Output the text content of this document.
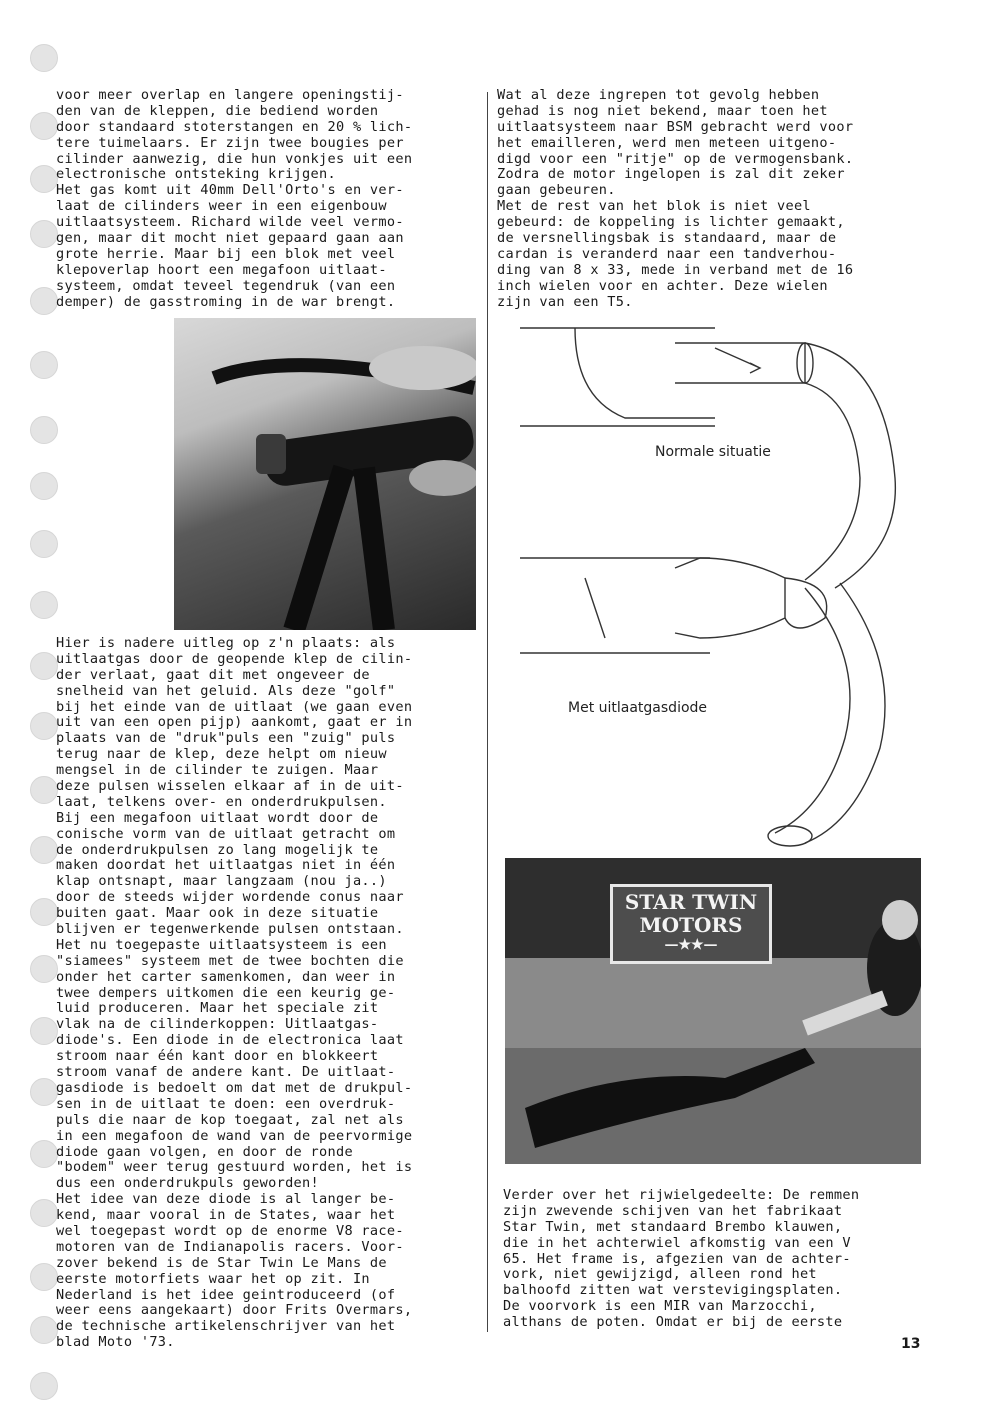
voor meer overlap en langere openingstij-
den van de kleppen, die bediend worden
door standaard stoterstangen en 20 % lich-
tere tuimelaars. Er zijn twee bougies per
cilinder aanwezig, die hun vonkjes uit een
electronische ontsteking krijgen.
Het gas komt uit 40mm Dell'Orto's en ver-
laat de cilinders weer in een eigenbouw
uitlaatsysteem. Richard wilde veel vermo-
gen, maar dit mocht niet gepaard gaan aan
grote herrie. Maar bij een blok met veel
klepoverlap hoort een megafoon uitlaat-
systeem, omdat teveel tegendruk (van een
demper) de gasstroming in de war brengt.
Hier is nadere uitleg op z'n plaats: als
uitlaatgas door de geopende klep de cilin-
der verlaat, gaat dit met ongeveer de
snelheid van het geluid. Als deze "golf"
bij het einde van de uitlaat (we gaan even
uit van een open pijp) aankomt, gaat er in
plaats van de "druk"puls een "zuig" puls
terug naar de klep, deze helpt om nieuw
mengsel in de cilinder te zuigen. Maar
deze pulsen wisselen elkaar af in de uit-
laat, telkens over- en onderdrukpulsen.
Bij een megafoon uitlaat wordt door de
conische vorm van de uitlaat getracht om
de onderdrukpulsen zo lang mogelijk te
maken doordat het uitlaatgas niet in één
klap ontsnapt, maar langzaam (nou ja..)
door de steeds wijder wordende conus naar
buiten gaat. Maar ook in deze situatie
blijven er tegenwerkende pulsen ontstaan.
Het nu toegepaste uitlaatsysteem is een
"siamees" systeem met de twee bochten die
onder het carter samenkomen, dan weer in
twee dempers uitkomen die een keurig ge-
luid produceren. Maar het speciale zit
vlak na de cilinderkoppen: Uitlaatgas-
diode's. Een diode in de electronica laat
stroom naar één kant door en blokkeert
stroom vanaf de andere kant. De uitlaat-
gasdiode is bedoelt om dat met de drukpul-
sen in de uitlaat te doen: een overdruk-
puls die naar de kop toegaat, zal net als
in een megafoon de wand van de peervormige
diode gaan volgen, en door de ronde
"bodem" weer terug gestuurd worden, het is
dus een onderdrukpuls geworden!
Het idee van deze diode is al langer be-
kend, maar vooral in de States, waar het
wel toegepast wordt op de enorme V8 race-
motoren van de Indianapolis racers. Voor-
zover bekend is de Star Twin Le Mans de
eerste motorfiets waar het op zit. In
Nederland is het idee geintroduceerd (of
weer eens aangekaart) door Frits Overmars,
de technische artikelenschrijver van het
blad Moto '73.
Wat al deze ingrepen tot gevolg hebben
gehad is nog niet bekend, maar toen het
uitlaatsysteem naar BSM gebracht werd voor
het emailleren, werd men meteen uitgeno-
digd voor een "ritje" op de vermogensbank.
Zodra de motor ingelopen is zal dit zeker
gaan gebeuren.
Met de rest van het blok is niet veel
gebeurd: de koppeling is lichter gemaakt,
de versnellingsbak is standaard, maar de
cardan is veranderd naar een tandverhou-
ding van 8 x 33, mede in verband met de 16
inch wielen voor en achter. Deze wielen
zijn van een T5.
Normale situatie
Met uitlaatgasdiode
STAR TWIN
MOTORS
—★★—
Verder over het rijwielgedeelte: De remmen
zijn zwevende schijven van het fabrikaat
Star Twin, met standaard Brembo klauwen,
die in het achterwiel afkomstig van een V
65. Het frame is, afgezien van de achter-
vork, niet gewijzigd, alleen rond het
balhoofd zitten wat verstevigingsplaten.
De voorvork is een MIR van Marzocchi,
althans de poten. Omdat er bij de eerste
13
